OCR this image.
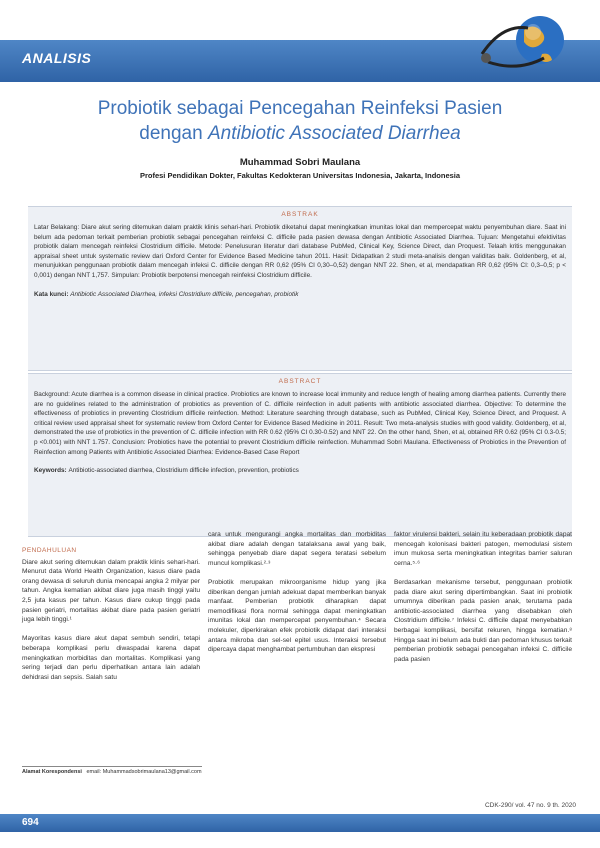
ANALISIS
Probiotik sebagai Pencegahan Reinfeksi Pasien
dengan Antibiotic Associated Diarrhea
Muhammad Sobri Maulana
Profesi Pendidikan Dokter, Fakultas Kedokteran Universitas Indonesia, Jakarta, Indonesia
ABSTRAK
Latar Belakang: Diare akut sering ditemukan dalam praktik klinis sehari-hari. Probiotik diketahui dapat meningkatkan imunitas lokal dan mempercepat waktu penyembuhan diare. Saat ini belum ada pedoman terkait pemberian probiotik sebagai pencegahan reinfeksi C. difficile pada pasien dewasa dengan Antibiotic Associated Diarrhea. Tujuan: Mengetahui efektivitas probiotik dalam mencegah reinfeksi Clostridium difficile. Metode: Penelusuran literatur dari database PubMed, Clinical Key, Science Direct, dan Proquest. Telaah kritis menggunakan appraisal sheet untuk systematic review dari Oxford Center for Evidence Based Medicine tahun 2011. Hasil: Didapatkan 2 studi meta-analisis dengan validitas baik. Goldenberg, et al, menunjukkan penggunaan probiotik dalam mencegah infeksi C. difficile dengan RR 0,62 (95% CI 0,30–0,52) dengan NNT 22. Shen, et al, mendapatkan RR 0,62 (95% CI: 0,3–0,5; p < 0,001) dengan NNT 1,757. Simpulan: Probiotik berpotensi mencegah reinfeksi Clostridium difficile.
Kata kunci: Antibiotic Associated Diarrhea, infeksi Clostridium difficile, pencegahan, probiotik
ABSTRACT
Background: Acute diarrhea is a common disease in clinical practice. Probiotics are known to increase local immunity and reduce length of healing among diarrhea patients. Currently there are no guidelines related to the administration of probiotics as prevention of C. difficile reinfection in adult patients with antibiotic associated diarrhea. Objective: To determine the effectiveness of probiotics in preventing Clostridium difficile reinfection. Method: Literature searching through database, such as PubMed, Clinical Key, Science Direct, and Proquest. A critical review used appraisal sheet for systematic review from Oxford Center for Evidence Based Medicine in 2011. Result: Two meta-analysis studies with good validity. Goldenberg, et al, demonstrated the use of probiotics in the prevention of C. difficile infection with RR 0.62 (95% CI 0.30-0.52) and NNT 22. On the other hand, Shen, et al, obtained RR 0.62 (95% CI 0.3-0.5; p <0.001) with NNT 1.757. Conclusion: Probiotics have the potential to prevent Clostridium difficile reinfection. Muhammad Sobri Maulana. Effectiveness of Probiotics in the Prevention of Reinfection among Patients with Antibiotic Associated Diarrhea: Evidence-Based Case Report
Keywords: Antibiotic-associated diarrhea, Clostridium difficile infection, prevention, probiotics
PENDAHULUAN
Diare akut sering ditemukan dalam praktik klinis sehari-hari. Menurut data World Health Organization, kasus diare pada orang dewasa di seluruh dunia mencapai angka 2 milyar per tahun. Angka kematian akibat diare juga masih tinggi yaitu 2,5 juta kasus per tahun. Kasus diare cukup tinggi pada pasien geriatri, mortalitas akibat diare pada pasien geriatri juga lebih tinggi.¹

Mayoritas kasus diare akut dapat sembuh sendiri, tetapi beberapa komplikasi perlu diwaspadai karena dapat meningkatkan morbiditas dan mortalitas. Komplikasi yang sering terjadi dan perlu diperhatikan antara lain adalah dehidrasi dan sepsis. Salah satu
cara untuk mengurangi angka mortalitas dan morbiditas akibat diare adalah dengan tatalaksana awal yang baik, sehingga penyebab diare dapat segera teratasi sebelum muncul komplikasi.²·³

Probiotik merupakan mikroorganisme hidup yang jika diberikan dengan jumlah adekuat dapat memberikan banyak manfaat. Pemberian probiotik diharapkan dapat memodifikasi flora normal sehingga dapat meningkatkan imunitas lokal dan mempercepat penyembuhan.⁴ Secara molekuler, diperkirakan efek probiotik didapat dari interaksi antara mikroba dan sel-sel epitel usus. Interaksi tersebut dipercaya dapat menghambat pertumbuhan dan ekspresi
faktor virulensi bakteri, selain itu keberadaan probiotik dapat mencegah kolonisasi bakteri patogen, memodulasi sistem imun mukosa serta meningkatkan integritas barrier saluran cerna.⁵·⁶

Berdasarkan mekanisme tersebut, penggunaan probiotik pada diare akut sering dipertimbangkan. Saat ini probiotik umumnya diberikan pada pasien anak, terutama pada antibiotic-associated diarrhea yang disebabkan oleh Clostridium difficile.⁷ Infeksi C. difficile dapat menyebabkan berbagai komplikasi, bersifat rekuren, hingga kematian.⁸ Hingga saat ini belum ada bukti dan pedoman khusus terkait pemberian probiotik sebagai pencegahan infeksi C. difficile pada pasien
Alamat Korespondensi email: Muhammadsobrimaulana13@gmail.com
CDK-290/ vol. 47 no. 9 th. 2020
694
